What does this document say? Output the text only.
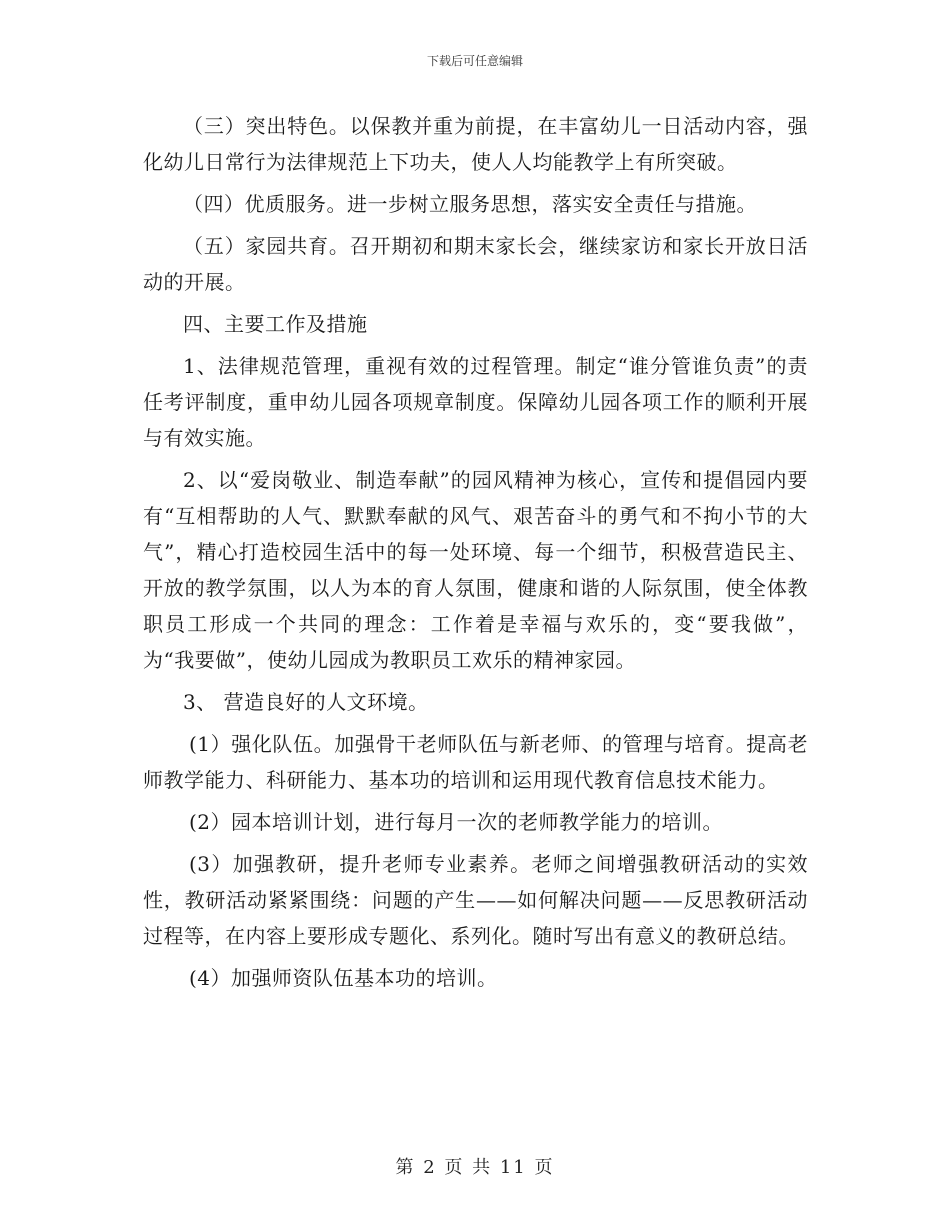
下载后可任意编辑

（三）突出特色。以保教并重为前提，在丰富幼儿一日活动内容，强化幼儿日常行为法律规范上下功夫，使人人均能教学上有所突破。

（四）优质服务。进一步树立服务思想，落实安全责任与措施。

（五）家园共育。召开期初和期末家长会，继续家访和家长开放日活动的开展。

四、主要工作及措施

1、法律规范管理，重视有效的过程管理。制定“谁分管谁负责”的责任考评制度，重申幼儿园各项规章制度。保障幼儿园各项工作的顺利开展与有效实施。

2、以“爱岗敬业、制造奉献”的园风精神为核心，宣传和提倡园内要有“互相帮助的人气、默默奉献的风气、艰苦奋斗的勇气和不拘小节的大气”，精心打造校园生活中的每一处环境、每一个细节，积极营造民主、开放的教学氛围，以人为本的育人氛围，健康和谐的人际氛围，使全体教职员工形成一个共同的理念：工作着是幸福与欢乐的，变“要我做”，为“我要做”，使幼儿园成为教职员工欢乐的精神家园。

3、 营造良好的人文环境。

(1）强化队伍。加强骨干老师队伍与新老师、的管理与培育。提高老师教学能力、科研能力、基本功的培训和运用现代教育信息技术能力。

(2）园本培训计划，进行每月一次的老师教学能力的培训。

(3）加强教研，提升老师专业素养。老师之间增强教研活动的实效性，教研活动紧紧围绕：问题的产生——如何解决问题——反思教研活动过程等，在内容上要形成专题化、系列化。随时写出有意义的教研总结。

(4）加强师资队伍基本功的培训。

第 2 页 共 11 页
